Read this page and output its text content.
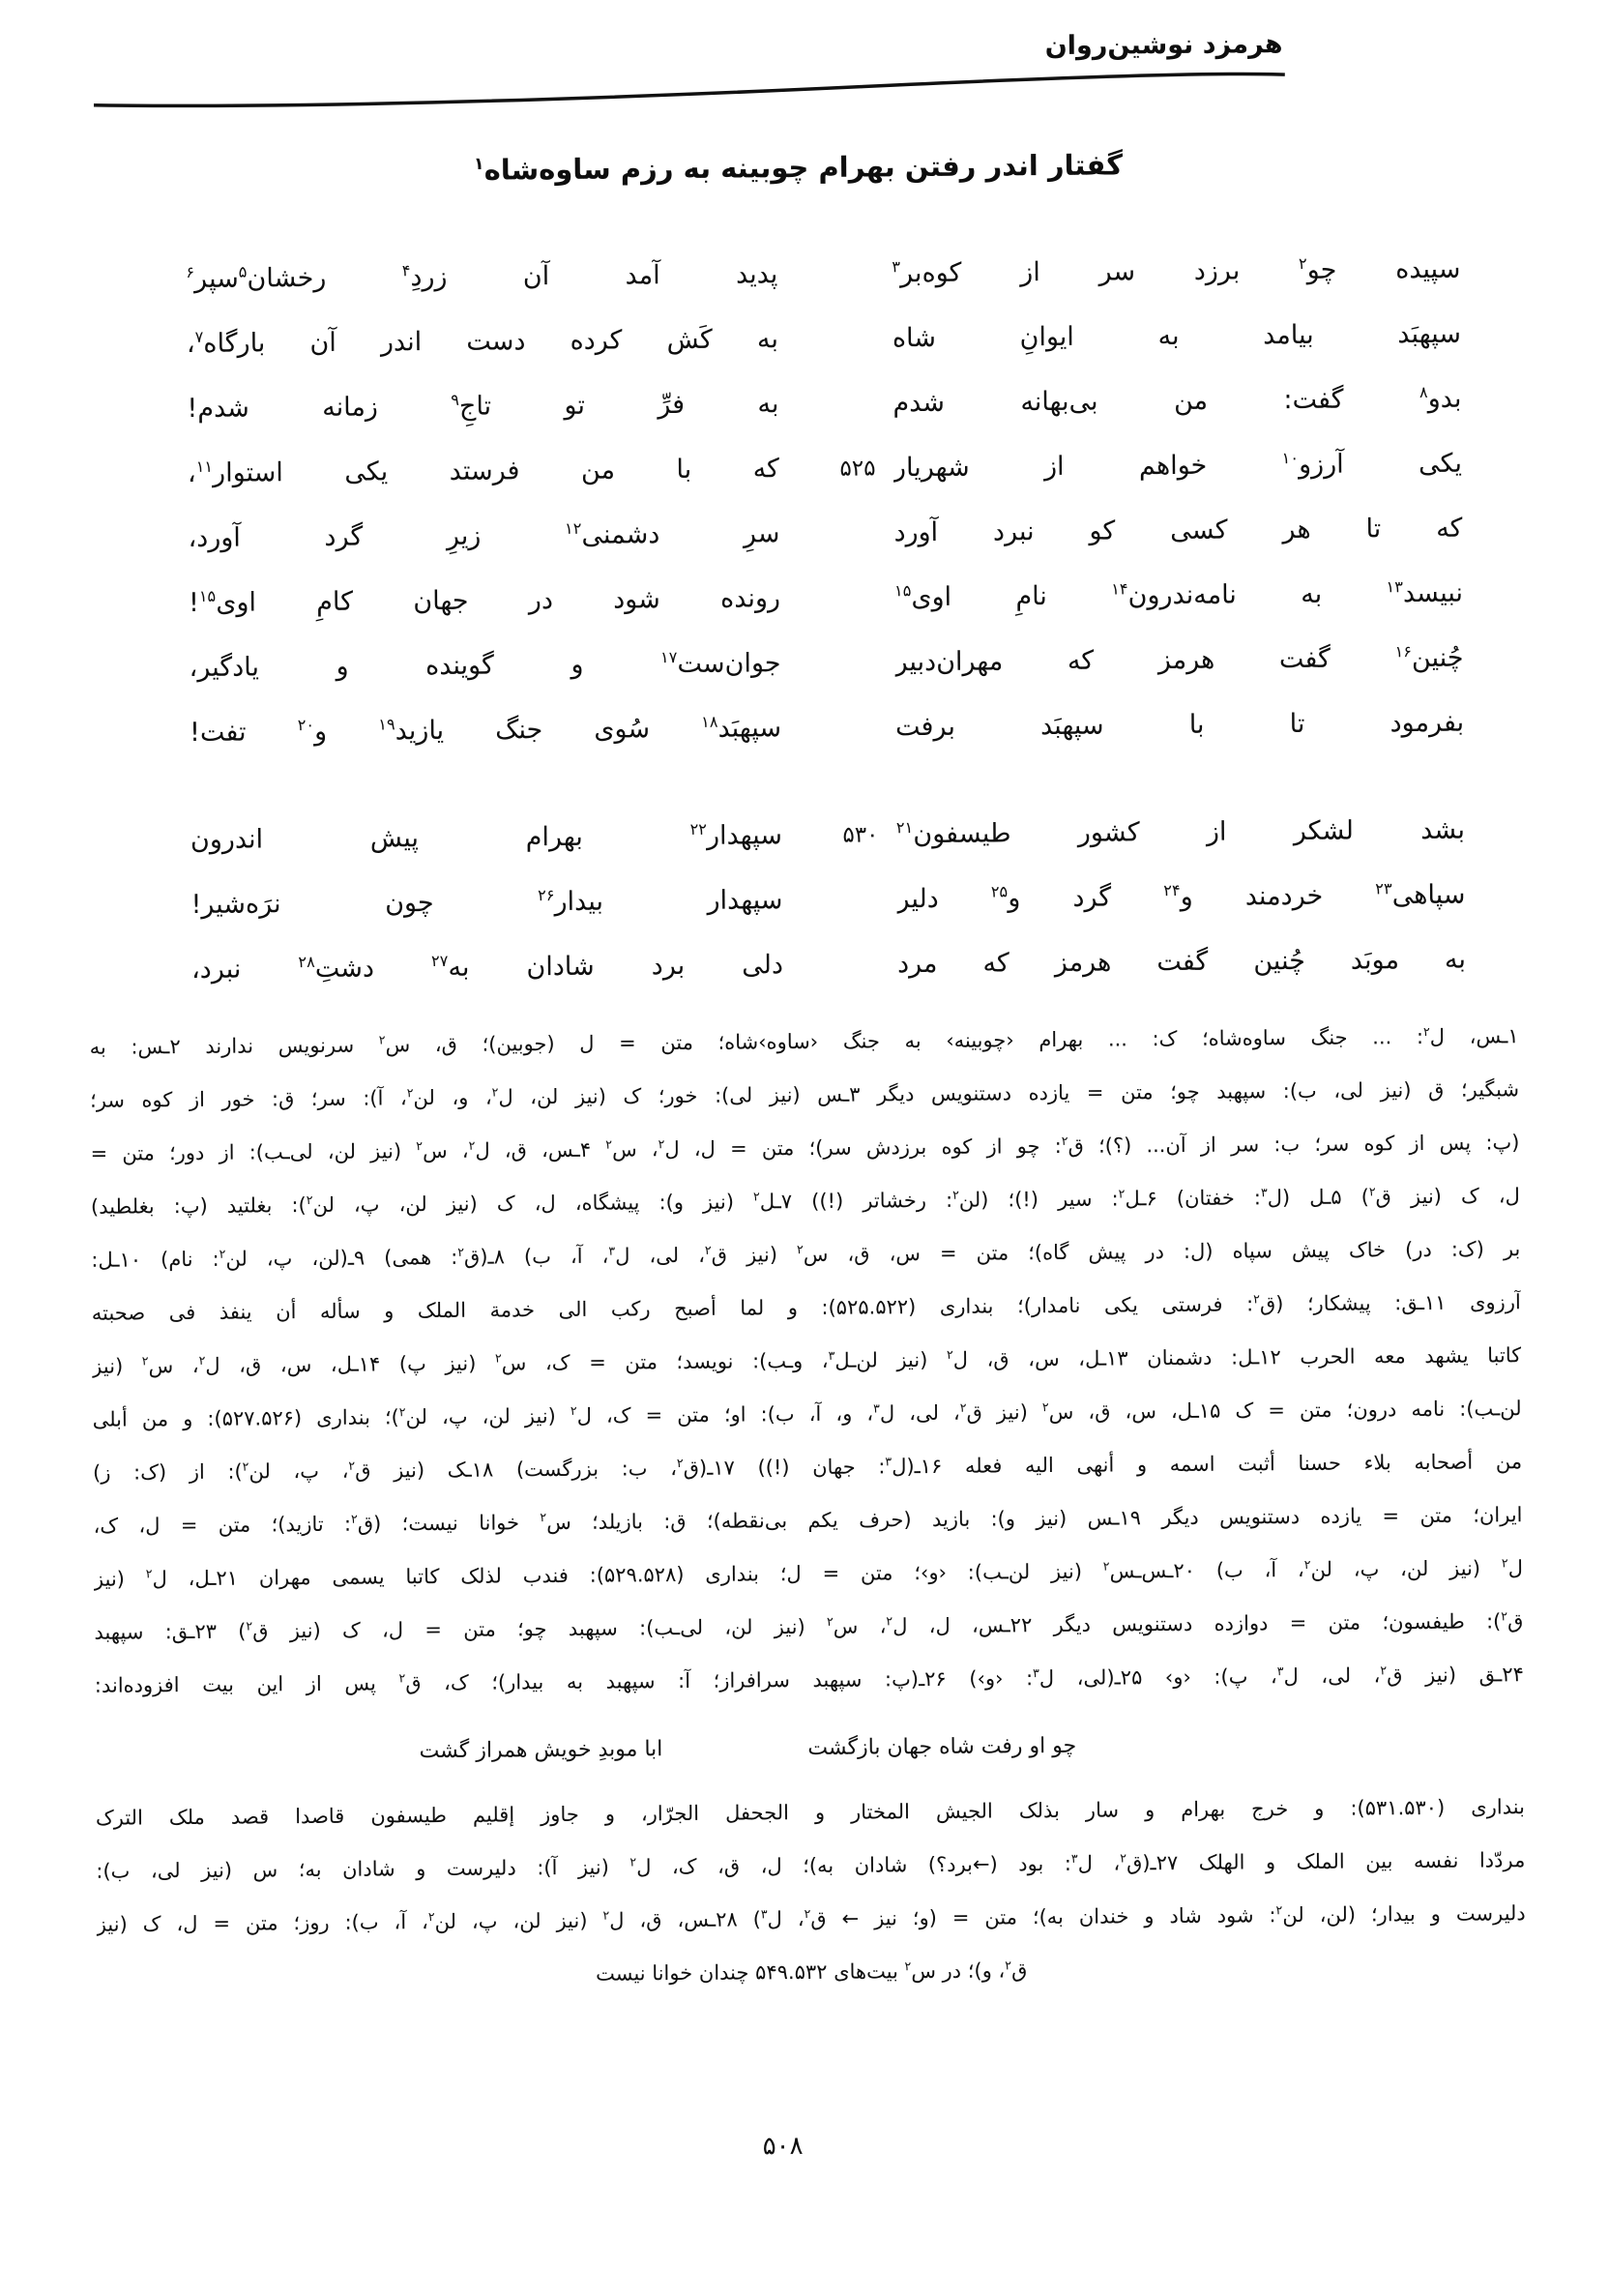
هرمزد نوشین‌روان
گفتار اندر رفتن بهرام چوبینه به رزم ساوه‌شاه$^۱$
سپیده چو$^۲$ برزد سر از کوه‌بر$^۳$
پدید آمد آن زردِ$^۴$ رخشان$^۵$سپر$^۶$
سپهبَد بیامد به ایوانِ شاه
به کَش کرده دست اندر آن بارگاه$^۷$،
بدو$^۸$ گفت: من بی‌بهانه شدم
به فرِّ تو تاجِ$^۹$ زمانه شدم!
یکی آرزو$^{۱۰}$ خواهم از شهریار
۵۲۵
که با من فرستد یکی استوار$^{۱۱}$،
که تا هر کسی کو نبرد آورد
سرِ دشمنی$^{۱۲}$ زیرِ گرد آورد،
نبیسد$^{۱۳}$ به نامه‌ندرون$^{۱۴}$ نامِ اوی$^{۱۵}$
رونده شود در جهان کامِ اوی$^{۱۵}$!
چُنین$^{۱۶}$ گفت هرمز که مهران‌دبیر
جوان‌ست$^{۱۷}$ و گوینده و یادگیر،
بفرمود تا با سپهبَد برفت
سپهبَد$^{۱۸}$ سُوی جنگ یازید$^{۱۹}$ و$^{۲۰}$ تفت!
بشد لشکر از کشور طیسفون$^{۲۱}$
۵۳۰
سپهدار$^{۲۲}$ بهرام پیش اندرون
سپاهی$^{۲۳}$ خردمند و$^{۲۴}$ گرد و$^{۲۵}$ دلیر
سپهدار بیدار$^{۲۶}$ چون نرَه‌شیر!
به موبَد چُنین گفت هرمز که مرد
دلی برد شادان به$^{۲۷}$ دشتِ$^{۲۸}$ نبرد،
۱ـس، ل$^۲$: ... جنگ ساوه‌شاه؛ ک: ... بهرام ‹چوبینه› به جنگ ‹ساوه›شاه؛ متن = ل (جوبین)؛ ق، س$^۲$ سرنویس ندارند ۲ـس: به
شبگیر؛ ق (نیز لی، ب): سپهبد چو؛ متن = یازده دستنویس دیگر ۳ـس (نیز لی): خور؛ ک (نیز لن، ل$^۲$، و، لن$^۲$، آ): سر؛ ق: خور از کوه سر؛
(پ: پس از کوه سر؛ ب: سر از آن... (؟)؛ ق$^۲$: چو از کوه برزدش سر)؛ متن = ل، ل$^۲$، س$^۲$ ۴ـس، ق، ل$^۲$، س$^۲$ (نیز لن، لی‌ـب): از دور؛ متن =
ل، ک (نیز ق$^۲$) ۵ـل (ل$^۳$: خفتان) ۶ـل$^۲$: سیر (!)؛ (لن$^۲$: رخشاتر (!)) ۷ـل$^۲$ (نیز و): پیشگاه، ل، ک (نیز لن، پ، لن$^۲$): بغلتید (پ: بغلطید)
بر (ک: در) خاک پیش سپاه (ل: در پیش گاه)؛ متن = س، ق، س$^۲$ (نیز ق$^۲$، لی، ل$^۳$، آ، ب) ۸ـ(ق$^۲$: همی) ۹ـ(لن، پ، لن$^۲$: نام) ۱۰ـل:
آرزوی ۱۱ـق: پیشکار؛ (ق$^۲$: فرستی یکی نامدار)؛ بنداری (۵۲۵.۵۲۲): و لما أصبح رکب الی خدمة الملک و سأله أن ینفذ فی صحبته
کاتبا یشهد معه الحرب ۱۲ـل: دشمنان ۱۳ـل، س، ق، ل$^۲$ (نیز لن‌ـل$^۳$، و‌ـب): نویسد؛ متن = ک، س$^۲$ (نیز پ) ۱۴ـل، س، ق، ل$^۲$، س$^۲$ (نیز
لن‌ـب): نامه درون؛ متن = ک ۱۵ـل، س، ق، س$^۲$ (نیز ق$^۲$، لی، ل$^۳$، و، آ، ب): او؛ متن = ک، ل$^۲$ (نیز لن، پ، لن$^۲$)؛ بنداری (۵۲۷.۵۲۶): و من أبلی
من أصحابه بلاء حسنا أثبت اسمه و أنهی الیه فعله ۱۶ـ(ل$^۳$: جهان (!)) ۱۷ـ(ق$^۲$، ب: بزرگست) ۱۸ـک (نیز ق$^۲$، پ، لن$^۲$): از (ک: ز)
ایران؛ متن = یازده دستنویس دیگر ۱۹ـس (نیز و): بازید (حرف یکم بی‌نقطه)؛ ق: بازیلد؛ س$^۲$ خوانا نیست؛ (ق$^۲$: تازید)؛ متن = ل، ک،
ل$^۲$ (نیز لن، پ، لن$^۲$، آ، ب) ۲۰ـس‌ـس$^۲$ (نیز لن‌ـب): ‹و›؛ متن = ل؛ بنداری (۵۲۹.۵۲۸): فندب لذلک کاتبا یسمی مهران ۲۱ـل، ل$^۲$ (نیز
ق$^۲$): طیفسون؛ متن = دوازده دستنویس دیگر ۲۲ـس، ل، ل$^۲$، س$^۲$ (نیز لن، لی‌ـب): سپهبد چو؛ متن = ل، ک (نیز ق$^۲$) ۲۳ـق: سپهبد
۲۴ـق (نیز ق$^۲$، لی، ل$^۳$، پ): ‹و› ۲۵ـ(لی، ل$^۳$: ‹و›) ۲۶ـ(پ: سپهبد سرافراز؛ آ: سپهبد به بیدار)؛ ک، ق$^۲$ پس از این بیت افزوده‌اند:
چو او رفت شاه جهان بازگشت
ابا موبدِ خویش همراز گشت
بنداری (۵۳۱.۵۳۰): و خرج بهرام و سار بذلک الجیش المختار و الجحفل الجرّار، و جاوز إقلیم طیسفون قاصدا قصد ملک الترک
مردّدا نفسه بین الملک و الهلک ۲۷ـ(ق$^۲$، ل$^۳$: بود (←برد؟) شادان به)؛ ل، ق، ک، ل$^۲$ (نیز آ): دلیرست و شادان به؛ س (نیز لی، ب):
دلیرست و بیدار؛ (لن، لن$^۲$: شود شاد و خندان به)؛ متن = (و؛ نیز ← ق$^۲$، ل$^۳$) ۲۸ـس، ق، ل$^۲$ (نیز لن، پ، لن$^۲$، آ، ب): روز؛ متن = ل، ک (نیز
ق$^۲$، و)؛ در س$^۲$ بیت‌های ۵۴۹.۵۳۲ چندان خوانا نیست
۵۰۸
